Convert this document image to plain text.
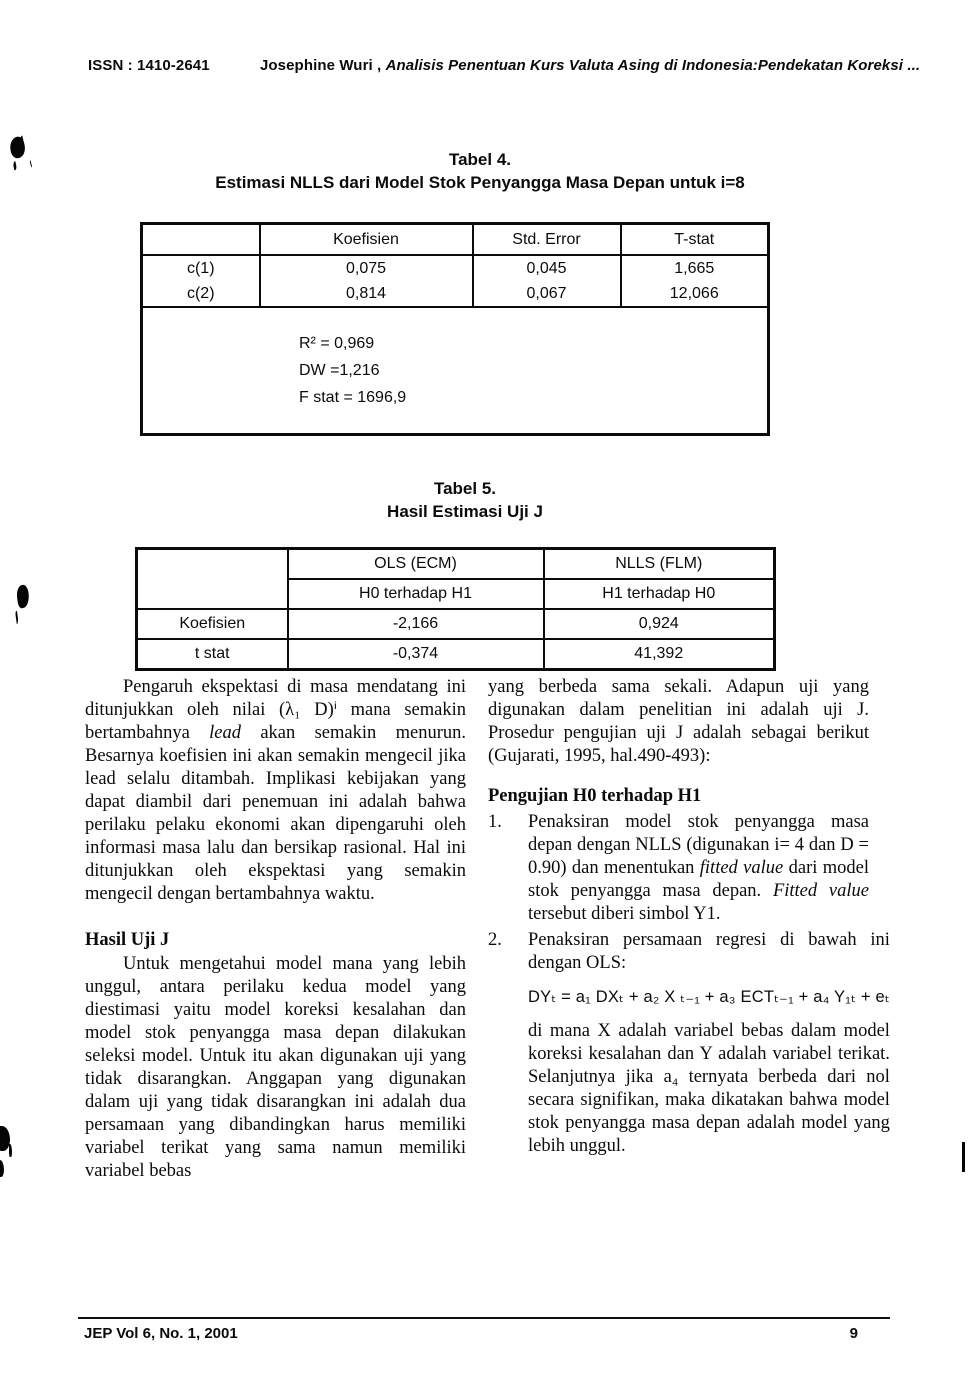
ISSN : 1410-2641	Josephine Wuri , Analisis Penentuan Kurs Valuta Asing di Indonesia:Pendekatan Koreksi ...
Tabel 4.
Estimasi NLLS dari Model Stok Penyangga Masa Depan untuk i=8
	Koefisien	Std. Error	T-stat
c(1)	0,075	0,045	1,665
c(2)	0,814	0,067	12,066

R² = 0,969
DW =1,216
F stat = 1696,9			
Tabel 5.
Hasil Estimasi Uji J
	OLS (ECM)	NLLS (FLM)
	H0 terhadap H1	H1 terhadap H0
Koefisien	-2,166	0,924
t stat	-0,374	41,392

Pengaruh ekspektasi di masa mendatang ini ditunjukkan oleh nilai (λ₁ D)ⁱ mana semakin bertambahnya lead akan semakin menurun. Besarnya koefisien ini akan semakin mengecil jika lead selalu ditambah. Implikasi kebijakan yang dapat diambil dari penemuan ini adalah bahwa perilaku pelaku ekonomi akan dipengaruhi oleh informasi masa lalu dan bersikap rasional. Hal ini ditunjukkan oleh ekspektasi yang semakin mengecil dengan bertambahnya waktu.

Hasil Uji J

Untuk mengetahui model mana yang lebih unggul, antara perilaku kedua model yang diestimasi yaitu model koreksi kesalahan dan model stok penyangga masa depan dilakukan seleksi model. Untuk itu akan digunakan uji yang tidak disarangkan. Anggapan yang digunakan dalam uji yang tidak disarangkan ini adalah dua persamaan yang dibandingkan harus memiliki variabel terikat yang sama namun memiliki variabel bebas

yang berbeda sama sekali. Adapun uji yang digunakan dalam penelitian ini adalah uji J. Prosedur pengujian uji J adalah sebagai berikut (Gujarati, 1995, hal.490-493):

Pengujian H0 terhadap H1

1.	Penaksiran model stok penyangga masa depan dengan NLLS (digunakan i= 4 dan D = 0.90) dan menentukan fitted value dari model stok penyangga masa depan. Fitted value tersebut diberi simbol Y1.
2.	Penaksiran persamaan regresi di bawah ini dengan OLS:

DYₜ = a₁ DXₜ + a₂ X ₜ₋₁ + a₃ ECTₜ₋₁ + a₄ Y₁ₜ + eₜ

di mana X adalah variabel bebas dalam model koreksi kesalahan dan Y adalah variabel terikat. Selanjutnya jika a₄ ternyata berbeda dari nol secara signifikan, maka dikatakan bahwa model stok penyangga masa depan adalah model yang lebih unggul.

JEP Vol 6, No. 1, 2001	9
